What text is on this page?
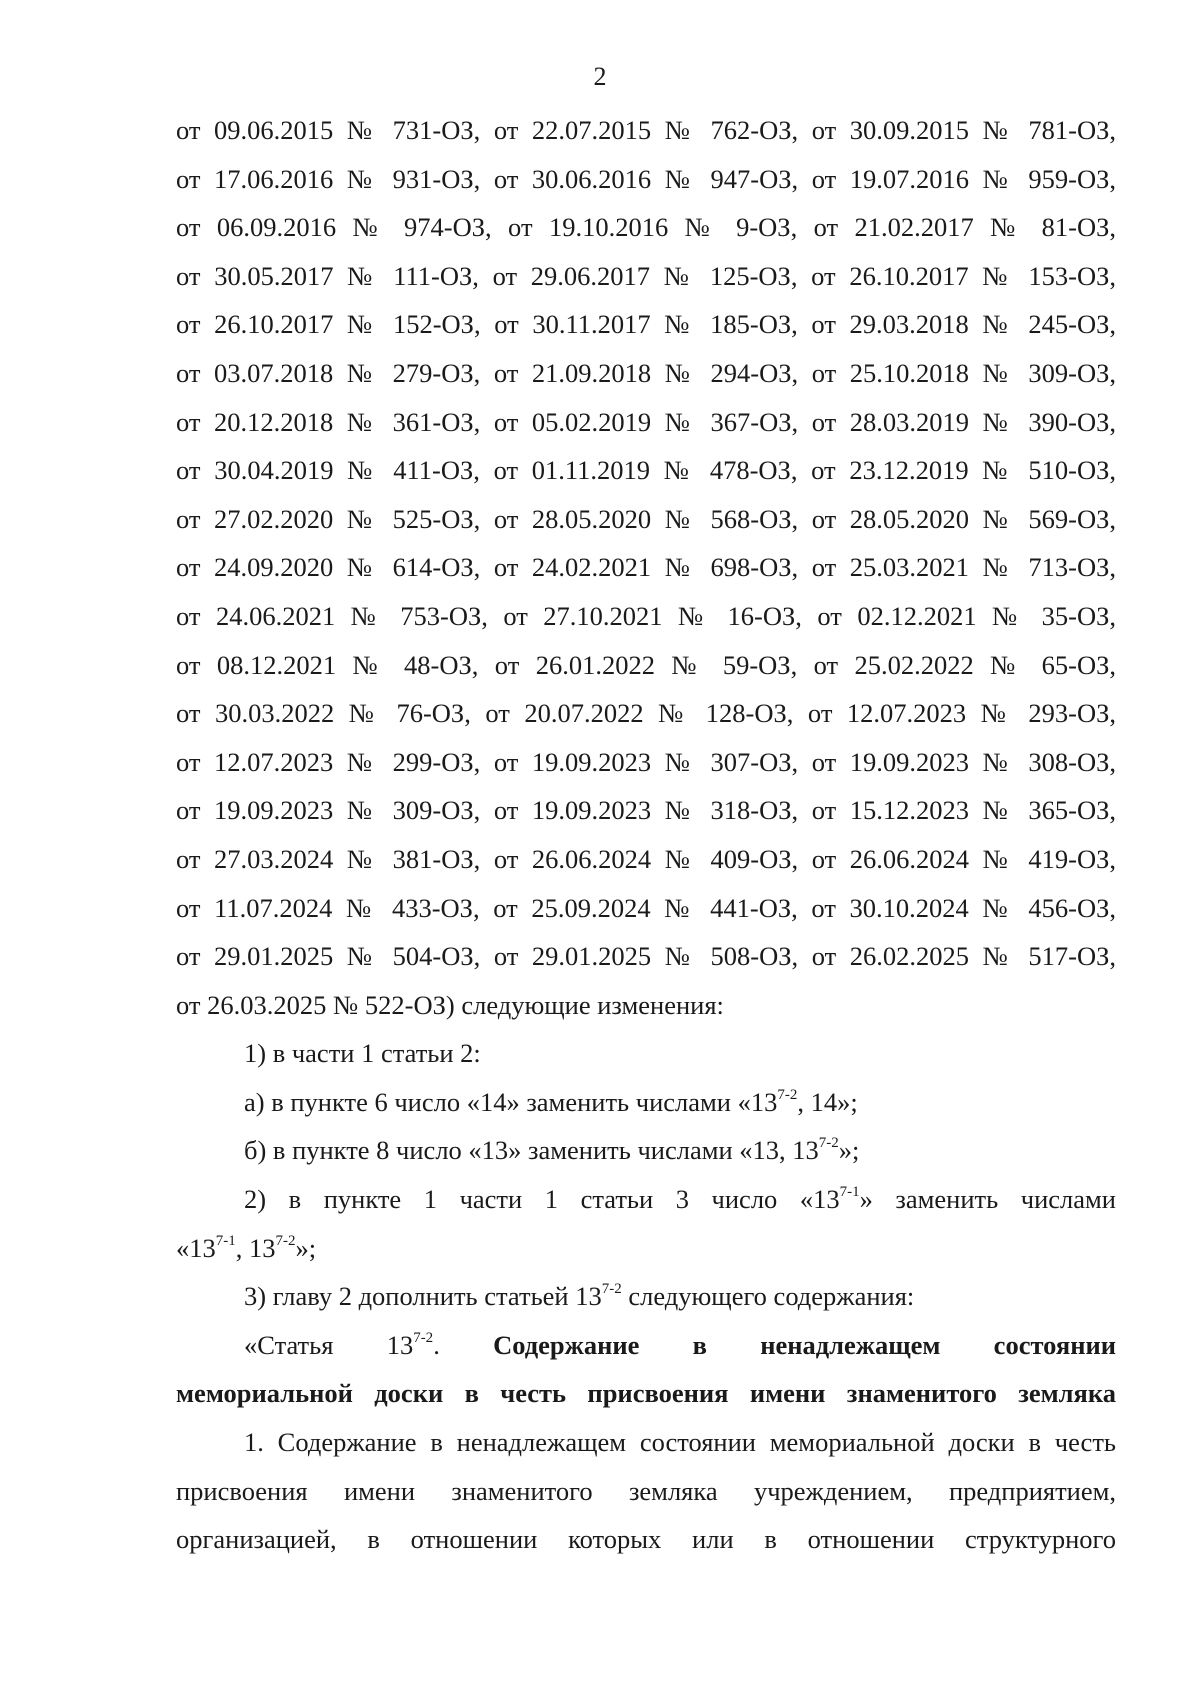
2
от 09.06.2015 № 731-ОЗ, от 22.07.2015 № 762-ОЗ, от 30.09.2015 № 781-ОЗ,
от 17.06.2016 № 931-ОЗ, от 30.06.2016 № 947-ОЗ, от 19.07.2016 № 959-ОЗ,
от 06.09.2016 № 974-ОЗ, от 19.10.2016 № 9-ОЗ, от 21.02.2017 № 81-ОЗ,
от 30.05.2017 № 111-ОЗ, от 29.06.2017 № 125-ОЗ, от 26.10.2017 № 153-ОЗ,
от 26.10.2017 № 152-ОЗ, от 30.11.2017 № 185-ОЗ, от 29.03.2018 № 245-ОЗ,
от 03.07.2018 № 279-ОЗ, от 21.09.2018 № 294-ОЗ, от 25.10.2018 № 309-ОЗ,
от 20.12.2018 № 361-ОЗ, от 05.02.2019 № 367-ОЗ, от 28.03.2019 № 390-ОЗ,
от 30.04.2019 № 411-ОЗ, от 01.11.2019 № 478-ОЗ, от 23.12.2019 № 510-ОЗ,
от 27.02.2020 № 525-ОЗ, от 28.05.2020 № 568-ОЗ, от 28.05.2020 № 569-ОЗ,
от 24.09.2020 № 614-ОЗ, от 24.02.2021 № 698-ОЗ, от 25.03.2021 № 713-ОЗ,
от 24.06.2021 № 753-ОЗ, от 27.10.2021 № 16-ОЗ, от 02.12.2021 № 35-ОЗ,
от 08.12.2021 № 48-ОЗ, от 26.01.2022 № 59-ОЗ, от 25.02.2022 № 65-ОЗ,
от 30.03.2022 № 76-ОЗ, от 20.07.2022 № 128-ОЗ, от 12.07.2023 № 293-ОЗ,
от 12.07.2023 № 299-ОЗ, от 19.09.2023 № 307-ОЗ, от 19.09.2023 № 308-ОЗ,
от 19.09.2023 № 309-ОЗ, от 19.09.2023 № 318-ОЗ, от 15.12.2023 № 365-ОЗ,
от 27.03.2024 № 381-ОЗ, от 26.06.2024 № 409-ОЗ, от 26.06.2024 № 419-ОЗ,
от 11.07.2024 № 433-ОЗ, от 25.09.2024 № 441-ОЗ, от 30.10.2024 № 456-ОЗ,
от 29.01.2025 № 504-ОЗ, от 29.01.2025 № 508-ОЗ, от 26.02.2025 № 517-ОЗ,
от 26.03.2025 № 522-ОЗ) следующие изменения:
1) в части 1 статьи 2:
а) в пункте 6 число «14» заменить числами «13$^{7-2}$, 14»;
б) в пункте 8 число «13» заменить числами «13, 13$^{7-2}$»;
2) в пункте 1 части 1 статьи 3 число «13$^{7-1}$» заменить числами
«13$^{7-1}$, 13$^{7-2}$»;
3) главу 2 дополнить статьей 13$^{7-2}$ следующего содержания:
«Статья 13$^{7-2}$. Содержание в ненадлежащем состоянии
мемориальной доски в честь присвоения имени знаменитого земляка
1. Содержание в ненадлежащем состоянии мемориальной доски в честь
присвоения имени знаменитого земляка учреждением, предприятием,
организацией, в отношении которых или в отношении структурного
